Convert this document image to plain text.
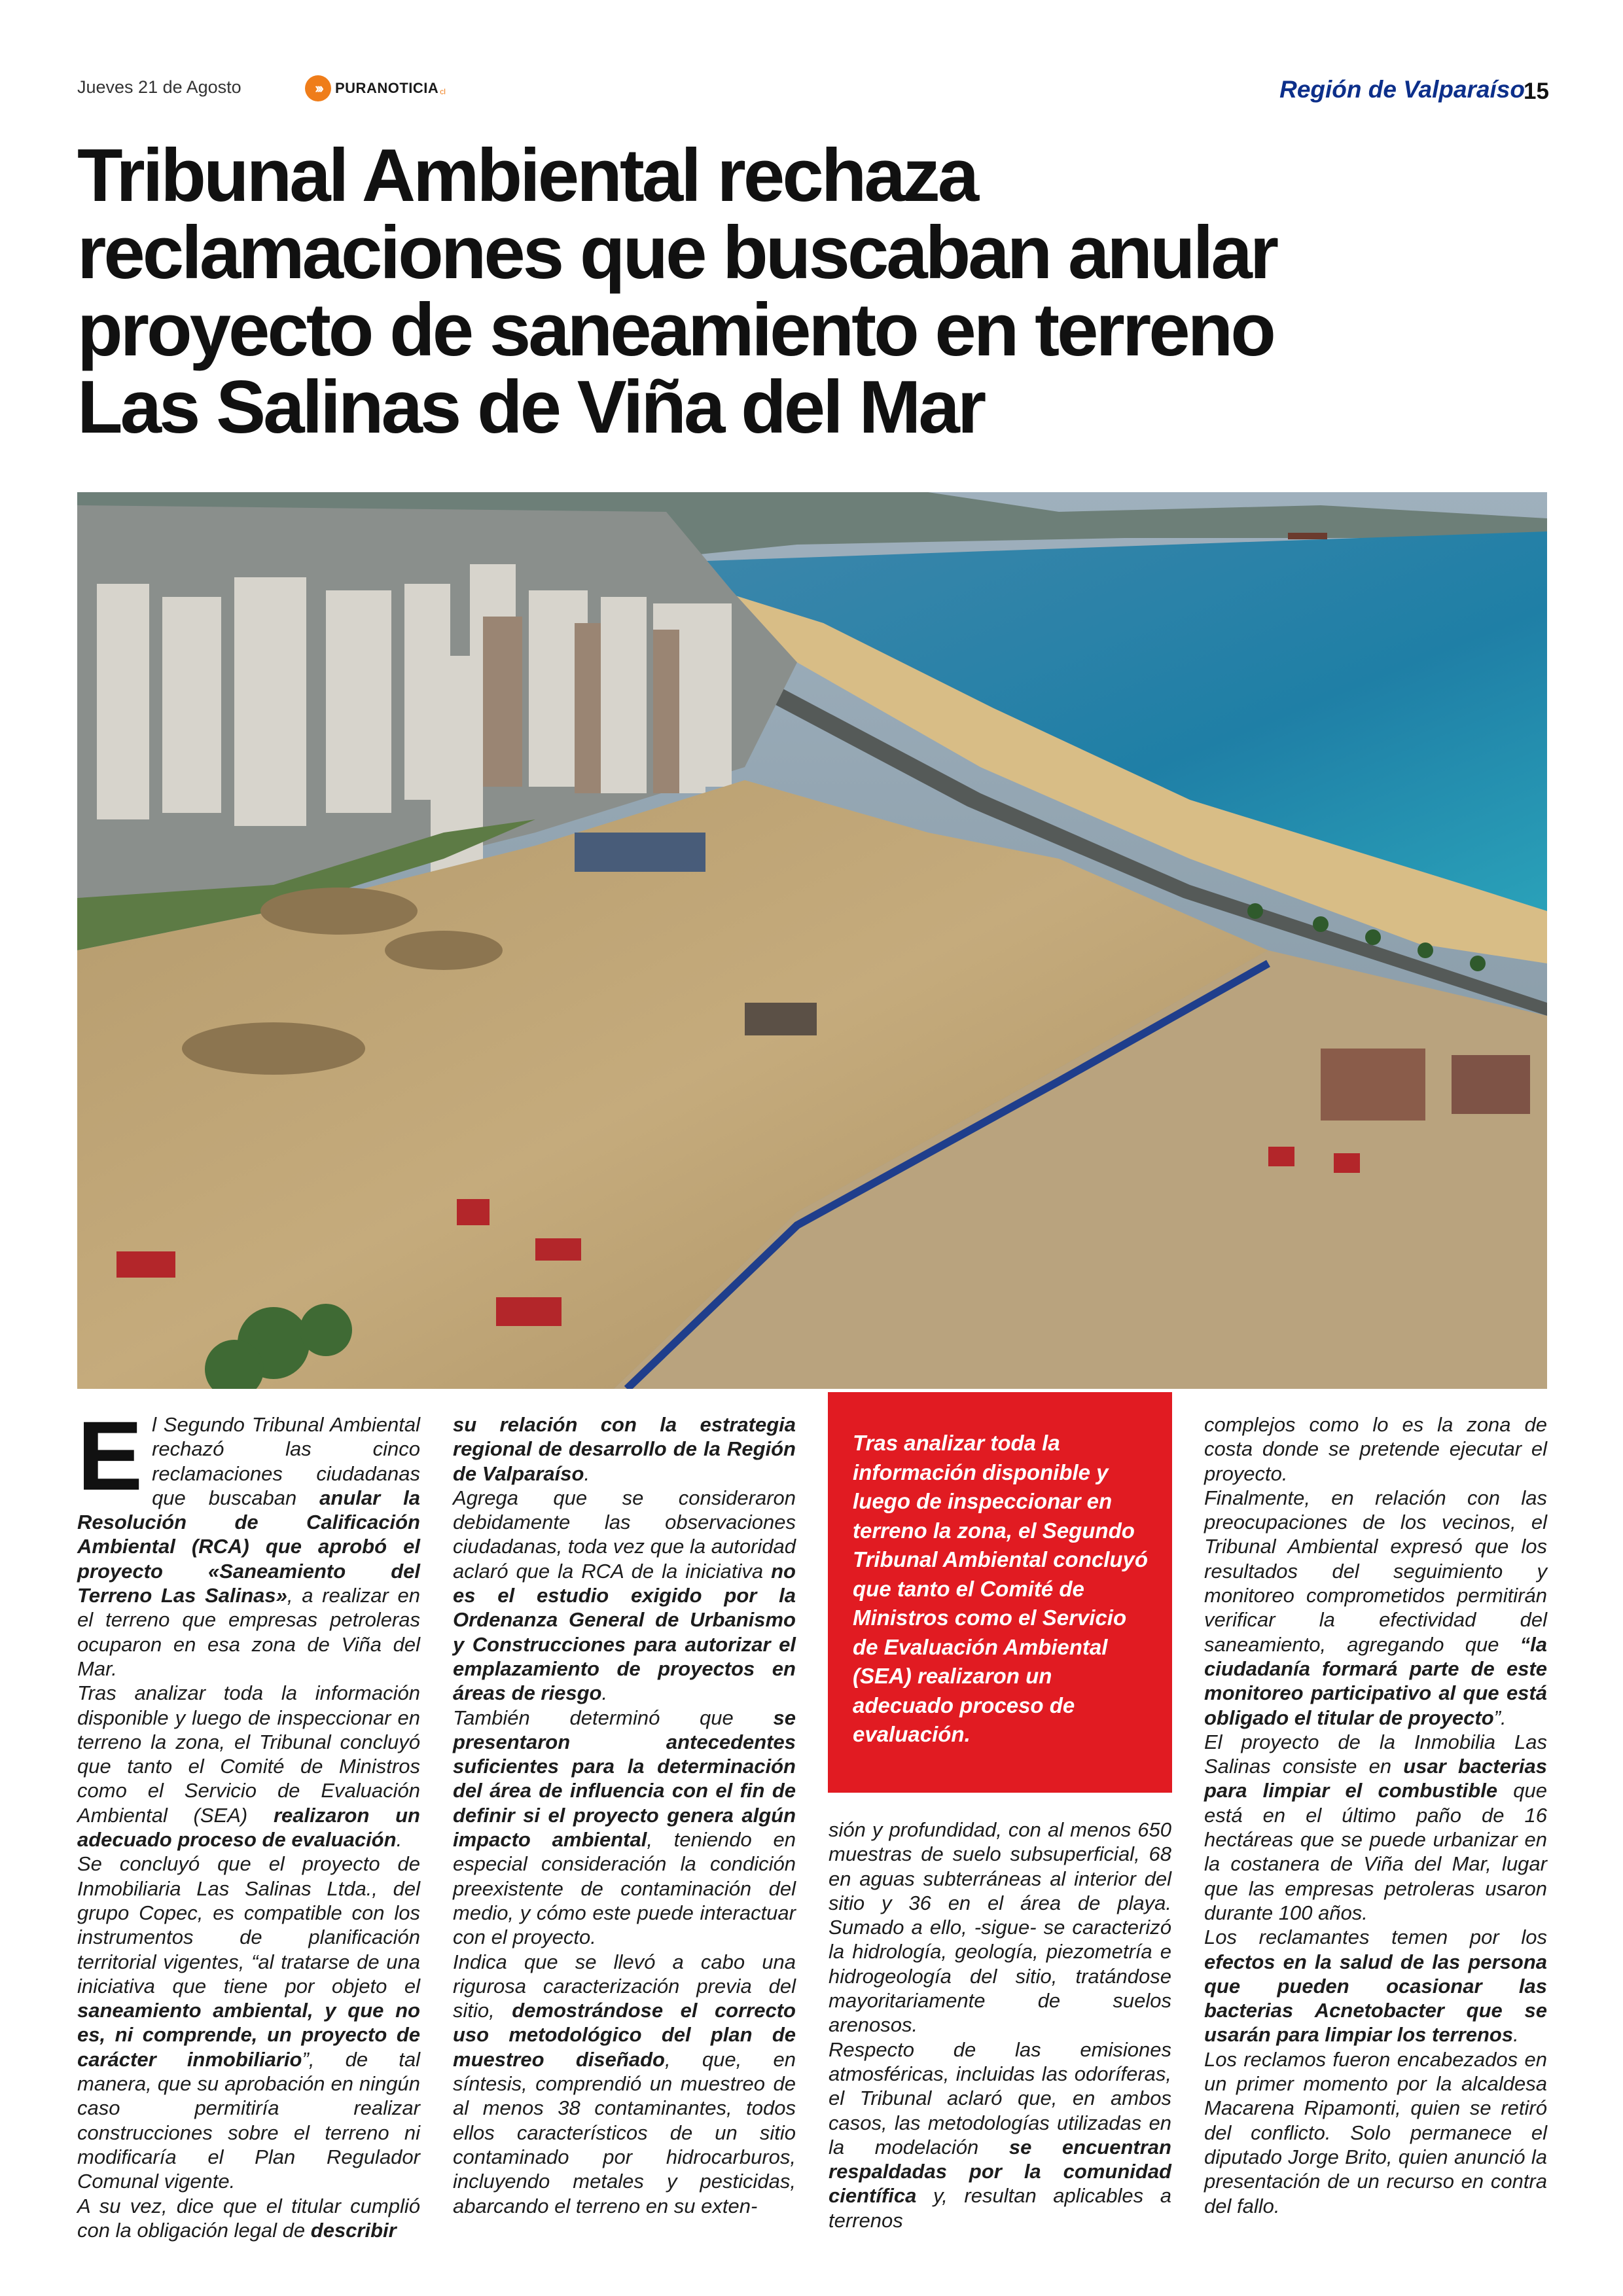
Jueves 21 de Agosto	››› PURANOTICIA cl	Región de Valparaíso
15
Tribunal Ambiental rechaza
reclamaciones que buscaban anular
proyecto de saneamiento en terreno
Las Salinas de Viña del Mar
E l Segundo Tribunal Ambiental rechazó las cinco reclamaciones ciudadanas que buscaban anular la Resolución de Calificación Ambiental (RCA) que aprobó el proyecto «Saneamiento del Terreno Las Salinas», a realizar en el terreno que empresas petroleras ocuparon en esa zona de Viña del Mar.

Tras analizar toda la información disponible y luego de inspeccionar en terreno la zona, el Tribunal concluyó que tanto el Comité de Ministros como el Servicio de Evaluación Ambiental (SEA) realizaron un adecuado proceso de evaluación.

Se concluyó que el proyecto de Inmobiliaria Las Salinas Ltda., del grupo Copec, es compatible con los instrumentos de planificación territorial vigentes, “al tratarse de una iniciativa que tiene por objeto el saneamiento ambiental, y que no es, ni comprende, un proyecto de carácter inmobiliario”, de tal manera, que su aprobación en ningún caso permitiría realizar construcciones sobre el terreno ni modificaría el Plan Regulador Comunal vigente.

A su vez, dice que el titular cumplió con la obligación legal de describir

su relación con la estrategia regional de desarrollo de la Región de Valparaíso.

Agrega que se consideraron debidamente las observaciones ciudadanas, toda vez que la autoridad aclaró que la RCA de la iniciativa no es el estudio exigido por la Ordenanza General de Urbanismo y Construcciones para autorizar el emplazamiento de proyectos en áreas de riesgo.

También determinó que se presentaron antecedentes suficientes para la determinación del área de influencia con el fin de definir si el proyecto genera algún impacto ambiental, teniendo en especial consideración la condición preexistente de contaminación del medio, y cómo este puede interactuar con el proyecto.

Indica que se llevó a cabo una rigurosa caracterización previa del sitio, demostrándose el correcto uso metodológico del plan de muestreo diseñado, que, en síntesis, comprendió un muestreo de al menos 38 contaminantes, todos ellos característicos de un sitio contaminado por hidrocarburos, incluyendo metales y pesticidas, abarcando el terreno en su exten-

Tras analizar toda la información disponible y luego de inspeccionar en terreno la zona, el Segundo Tribunal Ambiental concluyó que tanto el Comité de Ministros como el Servicio de Evaluación Ambiental (SEA) realizaron un adecuado proceso de evaluación.

sión y profundidad, con al menos 650 muestras de suelo subsuperficial, 68 en aguas subterráneas al interior del sitio y 36 en el área de playa. Sumado a ello, -sigue- se caracterizó la hidrología, geología, piezometría e hidrogeología del sitio, tratándose mayoritariamente de suelos arenosos.

Respecto de las emisiones atmosféricas, incluidas las odoríferas, el Tribunal aclaró que, en ambos casos, las metodologías utilizadas en la modelación se encuentran respaldadas por la comunidad científica y, resultan aplicables a terrenos

complejos como lo es la zona de costa donde se pretende ejecutar el proyecto.

Finalmente, en relación con las preocupaciones de los vecinos, el Tribunal Ambiental expresó que los resultados del seguimiento y monitoreo comprometidos permitirán verificar la efectividad del saneamiento, agregando que “la ciudadanía formará parte de este monitoreo participativo al que está obligado el titular de proyecto”.

El proyecto de la Inmobilia Las Salinas consiste en usar bacterias para limpiar el combustible que está en el último paño de 16 hectáreas que se puede urbanizar en la costanera de Viña del Mar, lugar que las empresas petroleras usaron durante 100 años.

Los reclamantes temen por los efectos en la salud de las persona que pueden ocasionar las bacterias Acnetobacter que se usarán para limpiar los terrenos.

Los reclamos fueron encabezados en un primer momento por la alcaldesa Macarena Ripamonti, quien se retiró del conflicto. Solo permanece el diputado Jorge Brito, quien anunció la presentación de un recurso en contra del fallo.
